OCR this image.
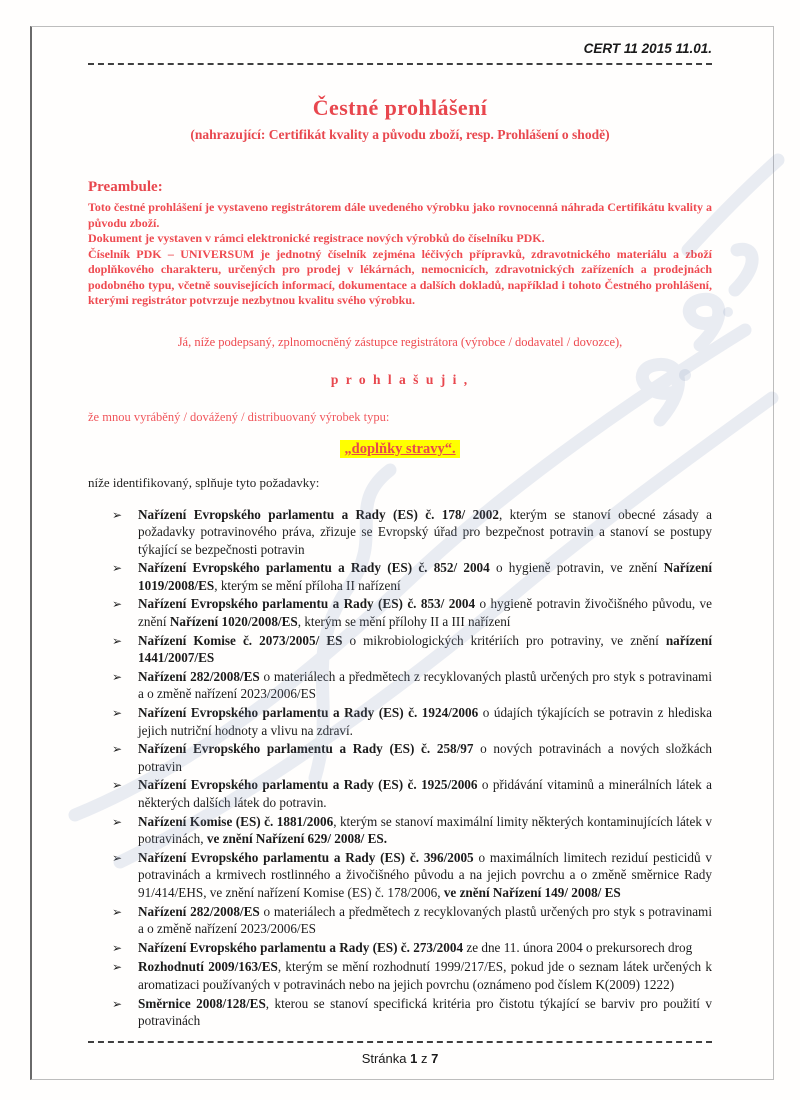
CERT 11 2015 11.01.
Čestné prohlášení
(nahrazující: Certifikát kvality a původu zboží, resp. Prohlášení o shodě)
Preambule:
Toto čestné prohlášení je vystaveno registrátorem dále uvedeného výrobku jako rovnocenná náhrada Certifikátu kvality a původu zboží.
Dokument je vystaven v rámci elektronické registrace nových výrobků do číselníku PDK.
Číselník PDK – UNIVERSUM je jednotný číselník zejména léčivých přípravků, zdravotnického materiálu a zboží doplňkového charakteru, určených pro prodej v lékárnách, nemocnicích, zdravotnických zařízeních a prodejnách podobného typu, včetně souvisejících informací, dokumentace a dalších dokladů, například i tohoto Čestného prohlášení, kterými registrátor potvrzuje nezbytnou kvalitu svého výrobku.
Já, níže podepsaný, zplnomocněný zástupce registrátora (výrobce / dodavatel / dovozce),
p r o h l a š u j i ,
že mnou vyráběný / dovážený / distribuovaný výrobek typu:
„doplňky stravy“.
níže identifikovaný, splňuje tyto požadavky:
➢	Nařízení Evropského parlamentu a Rady (ES) č. 178/ 2002, kterým se stanoví obecné zásady a požadavky potravinového práva, zřizuje se Evropský úřad pro bezpečnost potravin a stanoví se postupy týkající se bezpečnosti potravin
➢	Nařízení Evropského parlamentu a Rady (ES) č. 852/ 2004 o hygieně potravin, ve znění Nařízení 1019/2008/ES, kterým se mění příloha II nařízení
➢	Nařízení Evropského parlamentu a Rady (ES) č. 853/ 2004 o hygieně potravin živočišného původu, ve znění Nařízení 1020/2008/ES, kterým se mění přílohy II a III nařízení
➢	Nařízení Komise č. 2073/2005/ ES o mikrobiologických kritériích pro potraviny, ve znění nařízení 1441/2007/ES
➢	Nařízení 282/2008/ES o materiálech a předmětech z recyklovaných plastů určených pro styk s potravinami a o změně nařízení 2023/2006/ES
➢	Nařízení Evropského parlamentu a Rady (ES) č. 1924/2006 o údajích týkajících se potravin z hlediska jejich nutriční hodnoty a vlivu na zdraví.
➢	Nařízení Evropského parlamentu a Rady (ES) č. 258/97 o nových potravinách a nových složkách potravin
➢	Nařízení Evropského parlamentu a Rady (ES) č. 1925/2006 o přidávání vitaminů a minerálních látek a některých dalších látek do potravin.
➢	Nařízení Komise (ES) č. 1881/2006, kterým se stanoví maximální limity některých kontaminujících látek v potravinách, ve znění Nařízení 629/ 2008/ ES.
➢	Nařízení Evropského parlamentu a Rady (ES) č. 396/2005 o maximálních limitech reziduí pesticidů v potravinách a krmivech rostlinného a živočišného původu a na jejich povrchu a o změně směrnice Rady 91/414/EHS, ve znění nařízení Komise (ES) č. 178/2006, ve znění Nařízení 149/ 2008/ ES
➢	Nařízení 282/2008/ES o materiálech a předmětech z recyklovaných plastů určených pro styk s potravinami a o změně nařízení 2023/2006/ES
➢	Nařízení Evropského parlamentu a Rady (ES) č. 273/2004 ze dne 11. února 2004 o prekursorech drog
➢	Rozhodnutí 2009/163/ES, kterým se mění rozhodnutí 1999/217/ES, pokud jde o seznam látek určených k aromatizaci používaných v potravinách nebo na jejich povrchu (oznámeno pod číslem K(2009) 1222)
➢	Směrnice 2008/128/ES, kterou se stanoví specifická kritéria pro čistotu týkající se barviv pro použití v potravinách
Stránka 1 z 7
